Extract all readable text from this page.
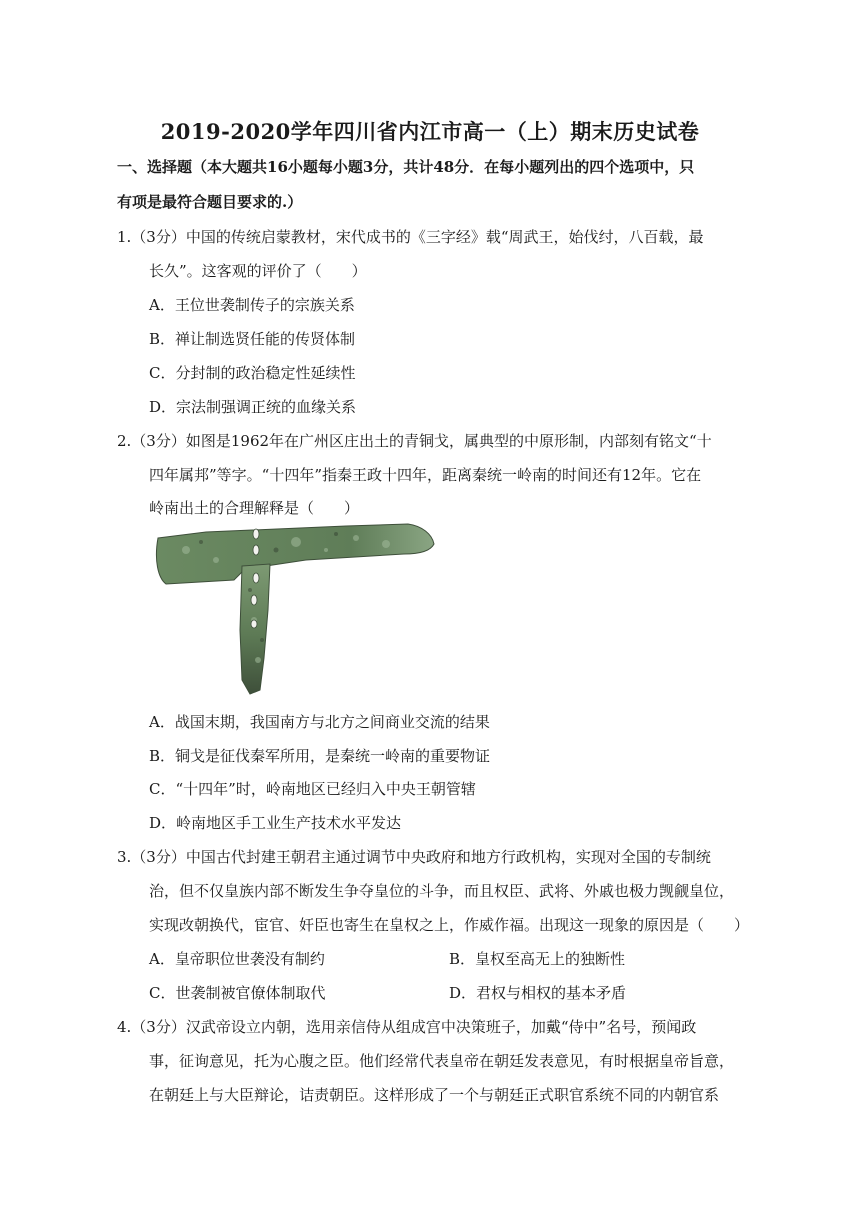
2019-2020学年四川省内江市高一（上）期末历史试卷
一、选择题（本大题共16小题每小题3分，共计48分．在每小题列出的四个选项中，只
有项是最符合题目要求的.）
1.（3分）中国的传统启蒙教材，宋代成书的《三字经》载“周武王，始伐纣，八百载，最
长久”。这客观的评价了（　　）
A．王位世袭制传子的宗族关系
B．禅让制选贤任能的传贤体制
C．分封制的政治稳定性延续性
D．宗法制强调正统的血缘关系
2.（3分）如图是1962年在广州区庄出土的青铜戈，属典型的中原形制，内部刻有铭文“十
四年属邦”等字。“十四年”指秦王政十四年，距离秦统一岭南的时间还有12年。它在
岭南出土的合理解释是（　　）
A．战国末期，我国南方与北方之间商业交流的结果
B．铜戈是征伐秦军所用，是秦统一岭南的重要物证
C．“十四年”时，岭南地区已经归入中央王朝管辖
D．岭南地区手工业生产技术水平发达
3.（3分）中国古代封建王朝君主通过调节中央政府和地方行政机构，实现对全国的专制统
治，但不仅皇族内部不断发生争夺皇位的斗争，而且权臣、武将、外戚也极力觊觎皇位，
实现改朝换代，宦官、奸臣也寄生在皇权之上，作威作福。出现这一现象的原因是（　　）
A．皇帝职位世袭没有制约	B．皇权至高无上的独断性
C．世袭制被官僚体制取代	D．君权与相权的基本矛盾
4.（3分）汉武帝设立内朝，选用亲信侍从组成宫中决策班子，加戴“侍中”名号，预闻政
事，征询意见，托为心腹之臣。他们经常代表皇帝在朝廷发表意见，有时根据皇帝旨意，
在朝廷上与大臣辩论，诘责朝臣。这样形成了一个与朝廷正式职官系统不同的内朝官系
